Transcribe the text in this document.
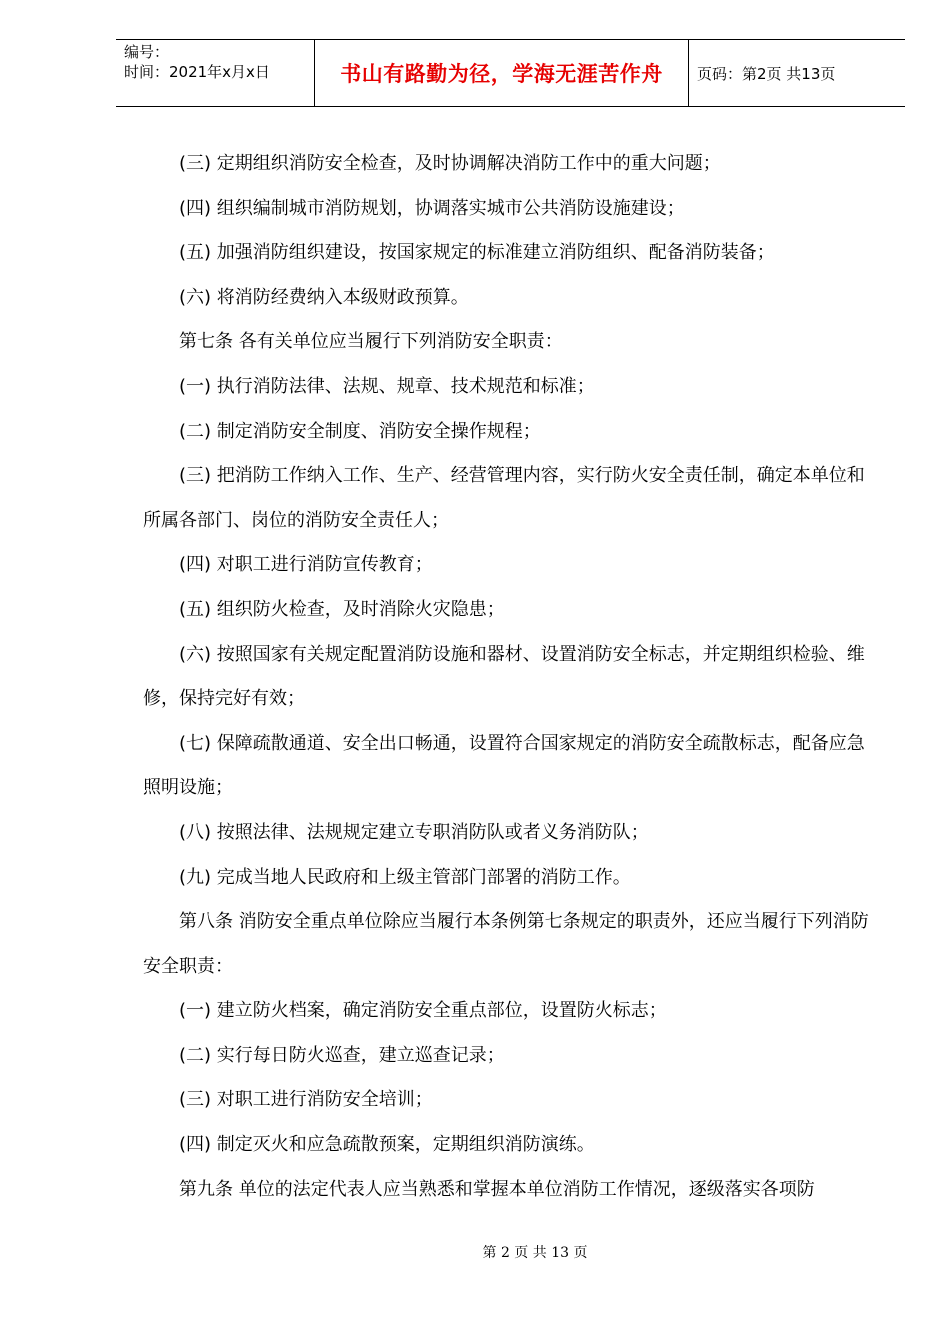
编号：
时间：2021年x月x日	书山有路勤为径，学海无涯苦作舟	页码：第2页 共13页

(三) 定期组织消防安全检查，及时协调解决消防工作中的重大问题；

(四) 组织编制城市消防规划，协调落实城市公共消防设施建设；

(五) 加强消防组织建设，按国家规定的标准建立消防组织、配备消防装备；

(六) 将消防经费纳入本级财政预算。

第七条 各有关单位应当履行下列消防安全职责：

(一) 执行消防法律、法规、规章、技术规范和标准；

(二) 制定消防安全制度、消防安全操作规程；

(三) 把消防工作纳入工作、生产、经营管理内容，实行防火安全责任制，确定本单位和所属各部门、岗位的消防安全责任人；

(四) 对职工进行消防宣传教育；

(五) 组织防火检查，及时消除火灾隐患；

(六) 按照国家有关规定配置消防设施和器材、设置消防安全标志，并定期组织检验、维修，保持完好有效；

(七) 保障疏散通道、安全出口畅通，设置符合国家规定的消防安全疏散标志，配备应急照明设施；

(八) 按照法律、法规规定建立专职消防队或者义务消防队；

(九) 完成当地人民政府和上级主管部门部署的消防工作。

第八条 消防安全重点单位除应当履行本条例第七条规定的职责外，还应当履行下列消防安全职责：

(一) 建立防火档案，确定消防安全重点部位，设置防火标志；

(二) 实行每日防火巡查，建立巡查记录；

(三) 对职工进行消防安全培训；

(四) 制定灭火和应急疏散预案，定期组织消防演练。

第九条 单位的法定代表人应当熟悉和掌握本单位消防工作情况，逐级落实各项防

第 2 页 共 13 页
